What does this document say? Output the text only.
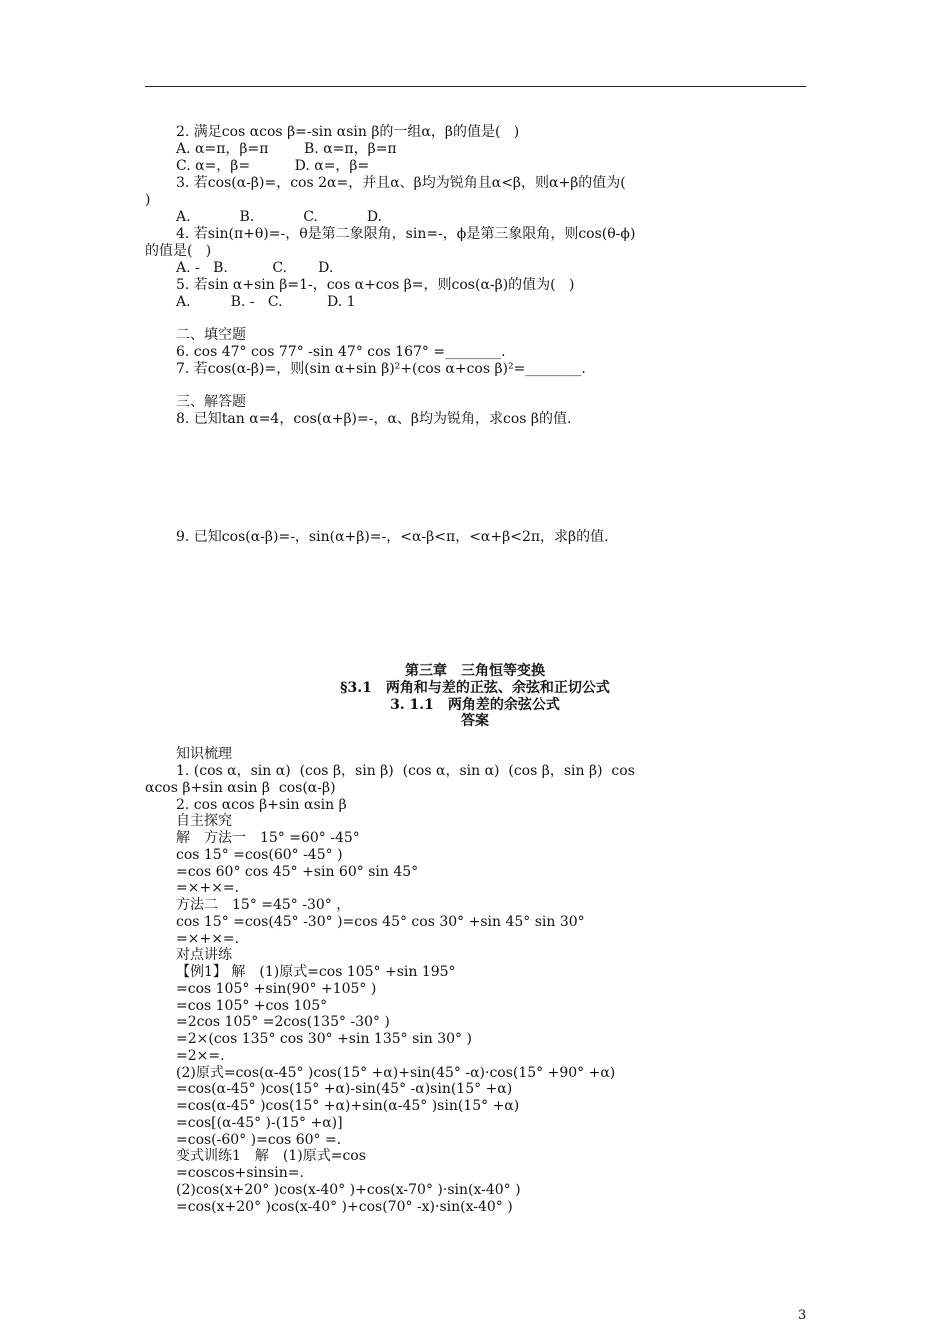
2. 满足cos αcos β=-sin αsin β的一组α，β的值是(   )
A. α=π，β=π        B. α=π，β=π
C. α=，β=          D. α=，β=
3. 若cos(α-β)=，cos 2α=，并且α、β均为锐角且α<β，则α+β的值为(
)
A.           B.           C.           D.
4. 若sin(π+θ)=-，θ是第二象限角，sin=-，ϕ是第三象限角，则cos(θ-ϕ)
的值是(   )
A. -   B.          C.       D.
5. 若sin α+sin β=1-，cos α+cos β=，则cos(α-β)的值为(   )
A.         B. -   C.          D. 1
二、填空题
6. cos 47° cos 77° -sin 47° cos 167° =________.
7. 若cos(α-β)=，则(sin α+sin β)²+(cos α+cos β)²=________.
三、解答题
8. 已知tan α=4，cos(α+β)=-，α、β均为锐角，求cos β的值.
9. 已知cos(α-β)=-，sin(α+β)=-，<α-β<π，<α+β<2π，求β的值.
第三章　三角恒等变换
§3.1　两角和与差的正弦、余弦和正切公式
3. 1.1　两角差的余弦公式
答案
知识梳理
1. (cos α，sin α)  (cos β，sin β)  (cos α，sin α)  (cos β，sin β)  cos
αcos β+sin αsin β  cos(α-β)
2. cos αcos β+sin αsin β
自主探究
解　方法一　15° =60° -45°
cos 15° =cos(60° -45° )
=cos 60° cos 45° +sin 60° sin 45°
=×+×=.
方法二　15° =45° -30° ，
cos 15° =cos(45° -30° )=cos 45° cos 30° +sin 45° sin 30°
=×+×=.
对点讲练
【例1】 解　(1)原式=cos 105° +sin 195°
=cos 105° +sin(90° +105° )
=cos 105° +cos 105°
=2cos 105° =2cos(135° -30° )
=2×(cos 135° cos 30° +sin 135° sin 30° )
=2×=.
(2)原式=cos(α-45° )cos(15° +α)+sin(45° -α)·cos(15° +90° +α)
=cos(α-45° )cos(15° +α)-sin(45° -α)sin(15° +α)
=cos(α-45° )cos(15° +α)+sin(α-45° )sin(15° +α)
=cos[(α-45° )-(15° +α)]
=cos(-60° )=cos 60° =.
变式训练1　解　(1)原式=cos
=coscos+sinsin=.
(2)cos(x+20° )cos(x-40° )+cos(x-70° )·sin(x-40° )
=cos(x+20° )cos(x-40° )+cos(70° -x)·sin(x-40° )
3
